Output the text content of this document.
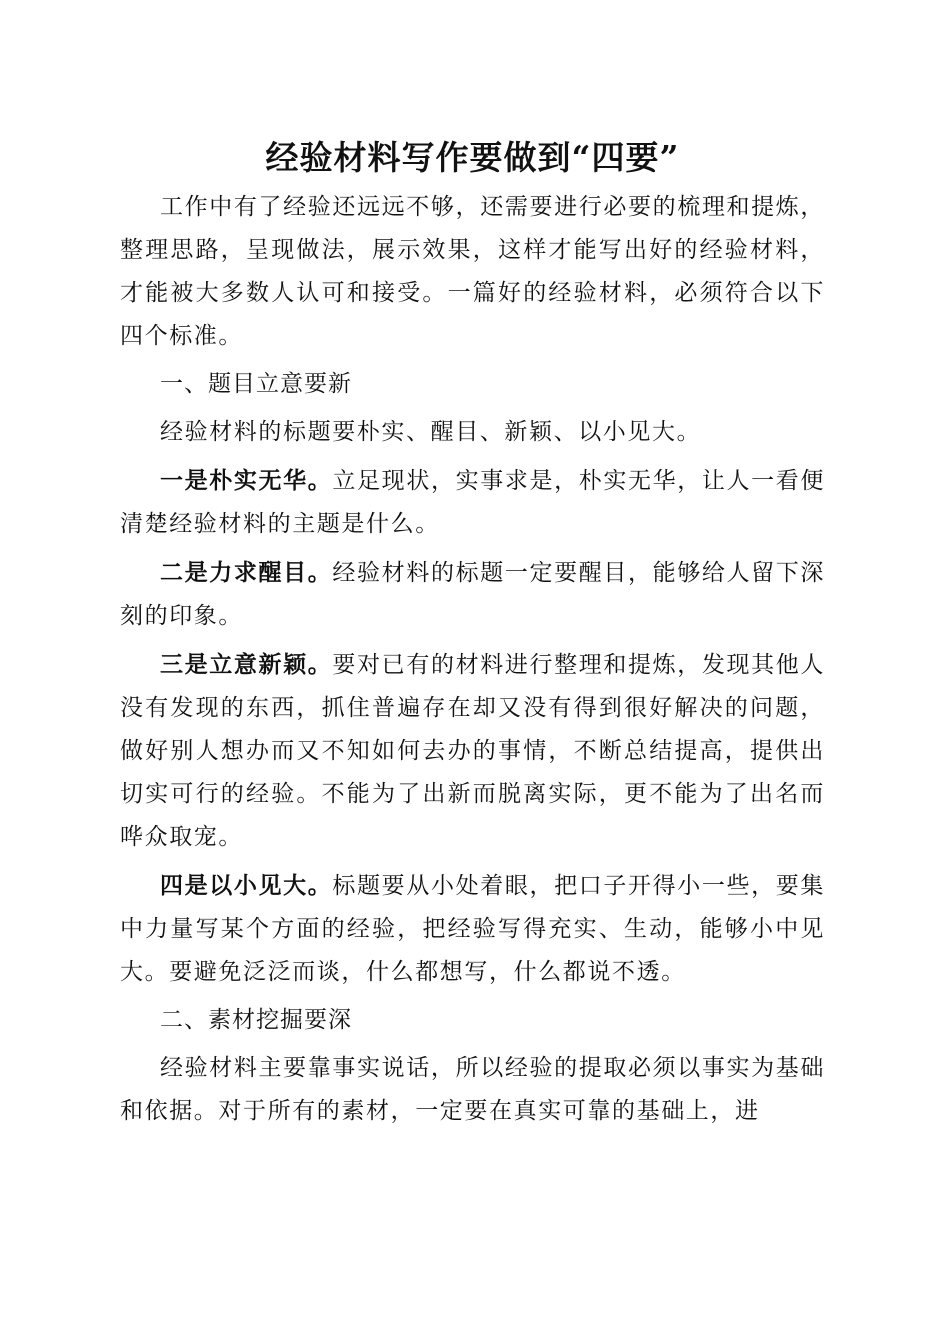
经验材料写作要做到“四要”

工作中有了经验还远远不够，还需要进行必要的梳理和提炼，整理思路，呈现做法，展示效果，这样才能写出好的经验材料，才能被大多数人认可和接受。一篇好的经验材料，必须符合以下四个标准。

一、题目立意要新

经验材料的标题要朴实、醒目、新颖、以小见大。

一是朴实无华。立足现状，实事求是，朴实无华，让人一看便清楚经验材料的主题是什么。

二是力求醒目。经验材料的标题一定要醒目，能够给人留下深刻的印象。

三是立意新颖。要对已有的材料进行整理和提炼，发现其他人没有发现的东西，抓住普遍存在却又没有得到很好解决的问题，做好别人想办而又不知如何去办的事情，不断总结提高，提供出切实可行的经验。不能为了出新而脱离实际，更不能为了出名而哗众取宠。

四是以小见大。标题要从小处着眼，把口子开得小一些，要集中力量写某个方面的经验，把经验写得充实、生动，能够小中见大。要避免泛泛而谈，什么都想写，什么都说不透。

二、素材挖掘要深

经验材料主要靠事实说话，所以经验的提取必须以事实为基础和依据。对于所有的素材，一定要在真实可靠的基础上，进
